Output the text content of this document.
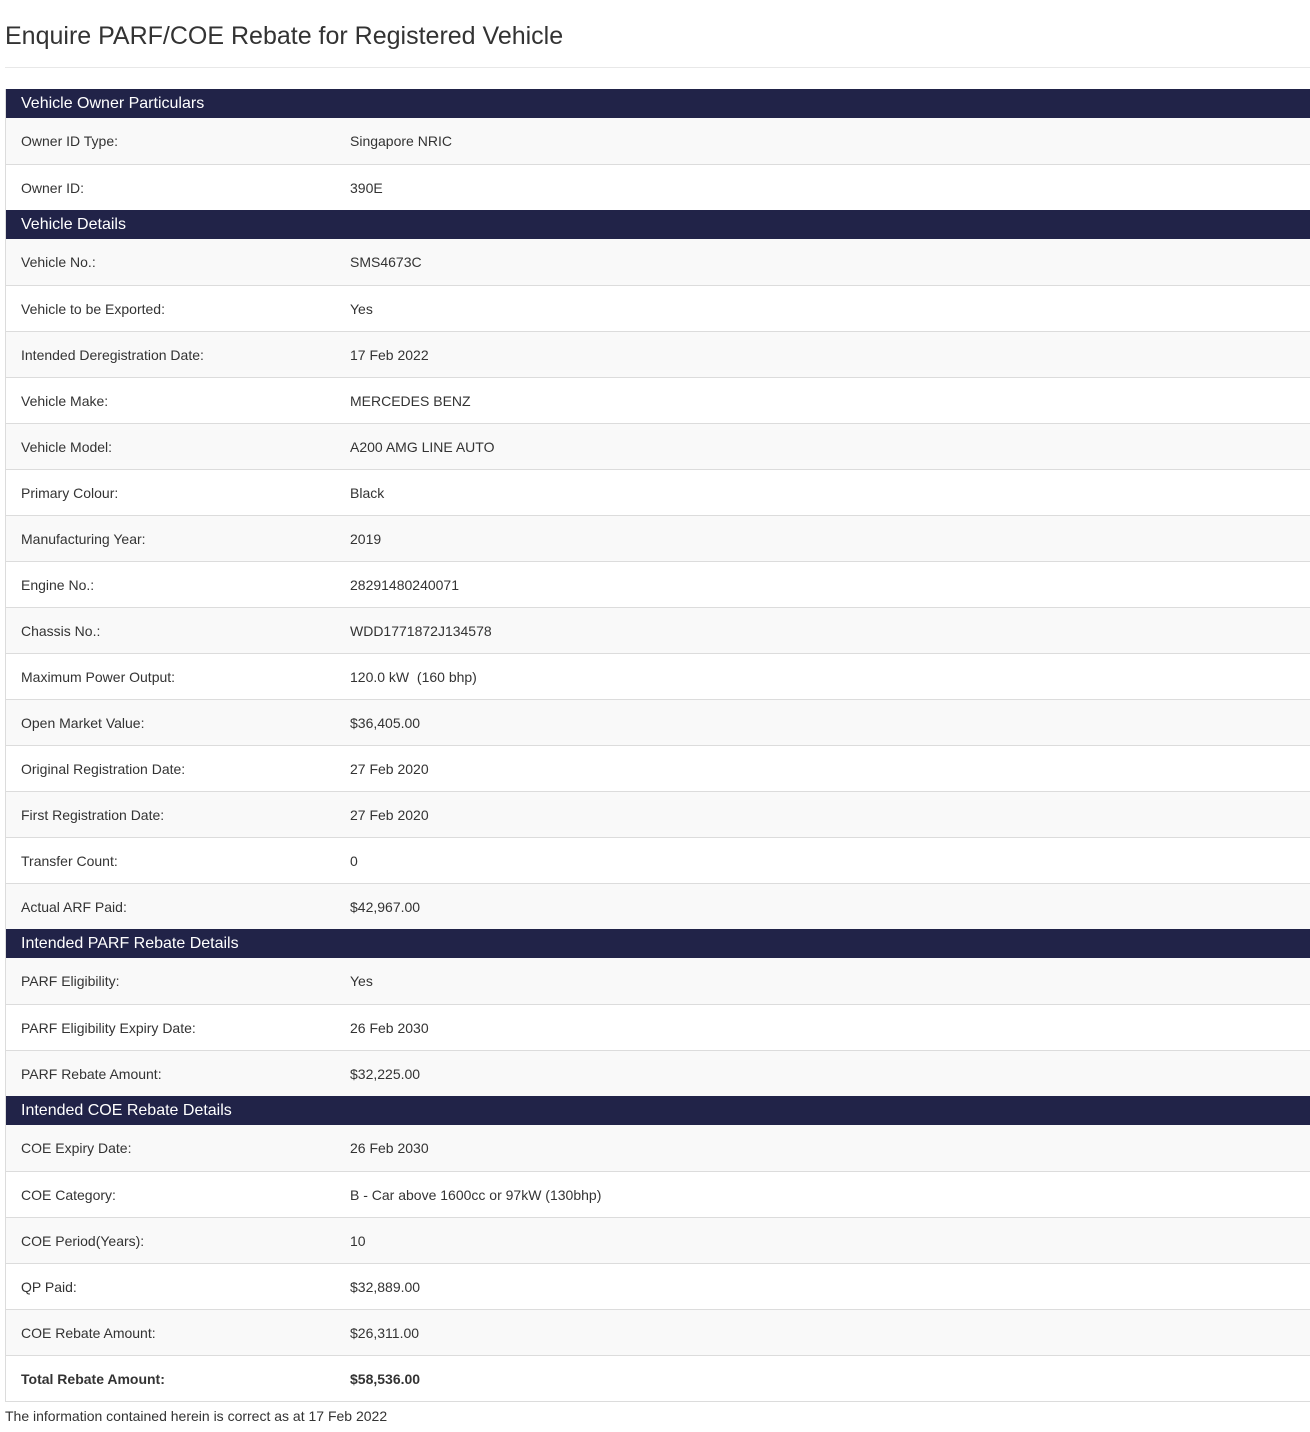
Enquire PARF/COE Rebate for Registered Vehicle
Vehicle Owner Particulars
Owner ID Type:	Singapore NRIC
Owner ID:	390E
Vehicle Details
Vehicle No.:	SMS4673C
Vehicle to be Exported:	Yes
Intended Deregistration Date:	17 Feb 2022
Vehicle Make:	MERCEDES BENZ
Vehicle Model:	A200 AMG LINE AUTO
Primary Colour:	Black
Manufacturing Year:	2019
Engine No.:	28291480240071
Chassis No.:	WDD1771872J134578
Maximum Power Output:	120.0 kW  (160 bhp)
Open Market Value:	$36,405.00
Original Registration Date:	27 Feb 2020
First Registration Date:	27 Feb 2020
Transfer Count:	0
Actual ARF Paid:	$42,967.00
Intended PARF Rebate Details
PARF Eligibility:	Yes
PARF Eligibility Expiry Date:	26 Feb 2030
PARF Rebate Amount:	$32,225.00
Intended COE Rebate Details
COE Expiry Date:	26 Feb 2030
COE Category:	B - Car above 1600cc or 97kW (130bhp)
COE Period(Years):	10
QP Paid:	$32,889.00
COE Rebate Amount:	$26,311.00
Total Rebate Amount:	$58,536.00
The information contained herein is correct as at 17 Feb 2022
